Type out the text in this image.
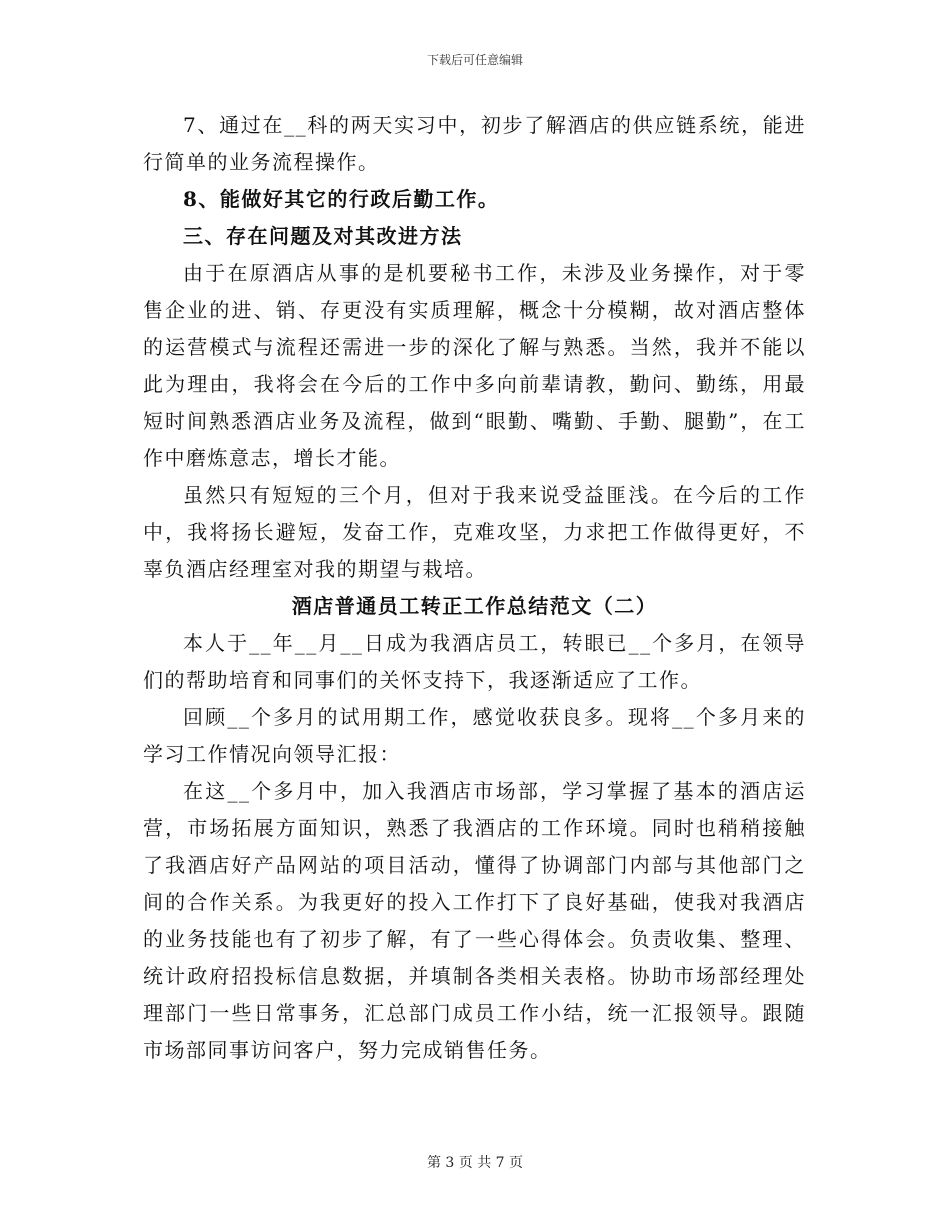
下载后可任意编辑

7、通过在__科的两天实习中，初步了解酒店的供应链系统，能进行简单的业务流程操作。

8、能做好其它的行政后勤工作。

三、存在问题及对其改进方法

由于在原酒店从事的是机要秘书工作，未涉及业务操作，对于零售企业的进、销、存更没有实质理解，概念十分模糊，故对酒店整体的运营模式与流程还需进一步的深化了解与熟悉。当然，我并不能以此为理由，我将会在今后的工作中多向前辈请教，勤问、勤练，用最短时间熟悉酒店业务及流程，做到“眼勤、嘴勤、手勤、腿勤”，在工作中磨炼意志，增长才能。

虽然只有短短的三个月，但对于我来说受益匪浅。在今后的工作中，我将扬长避短，发奋工作，克难攻坚，力求把工作做得更好，不辜负酒店经理室对我的期望与栽培。

酒店普通员工转正工作总结范文（二）

本人于__年__月__日成为我酒店员工，转眼已__个多月，在领导们的帮助培育和同事们的关怀支持下，我逐渐适应了工作。

回顾__个多月的试用期工作，感觉收获良多。现将__个多月来的学习工作情况向领导汇报：

在这__个多月中，加入我酒店市场部，学习掌握了基本的酒店运营，市场拓展方面知识，熟悉了我酒店的工作环境。同时也稍稍接触了我酒店好产品网站的项目活动，懂得了协调部门内部与其他部门之间的合作关系。为我更好的投入工作打下了良好基础，使我对我酒店的业务技能也有了初步了解，有了一些心得体会。负责收集、整理、统计政府招投标信息数据，并填制各类相关表格。协助市场部经理处理部门一些日常事务，汇总部门成员工作小结，统一汇报领导。跟随市场部同事访问客户，努力完成销售任务。

第 3 页 共 7 页
